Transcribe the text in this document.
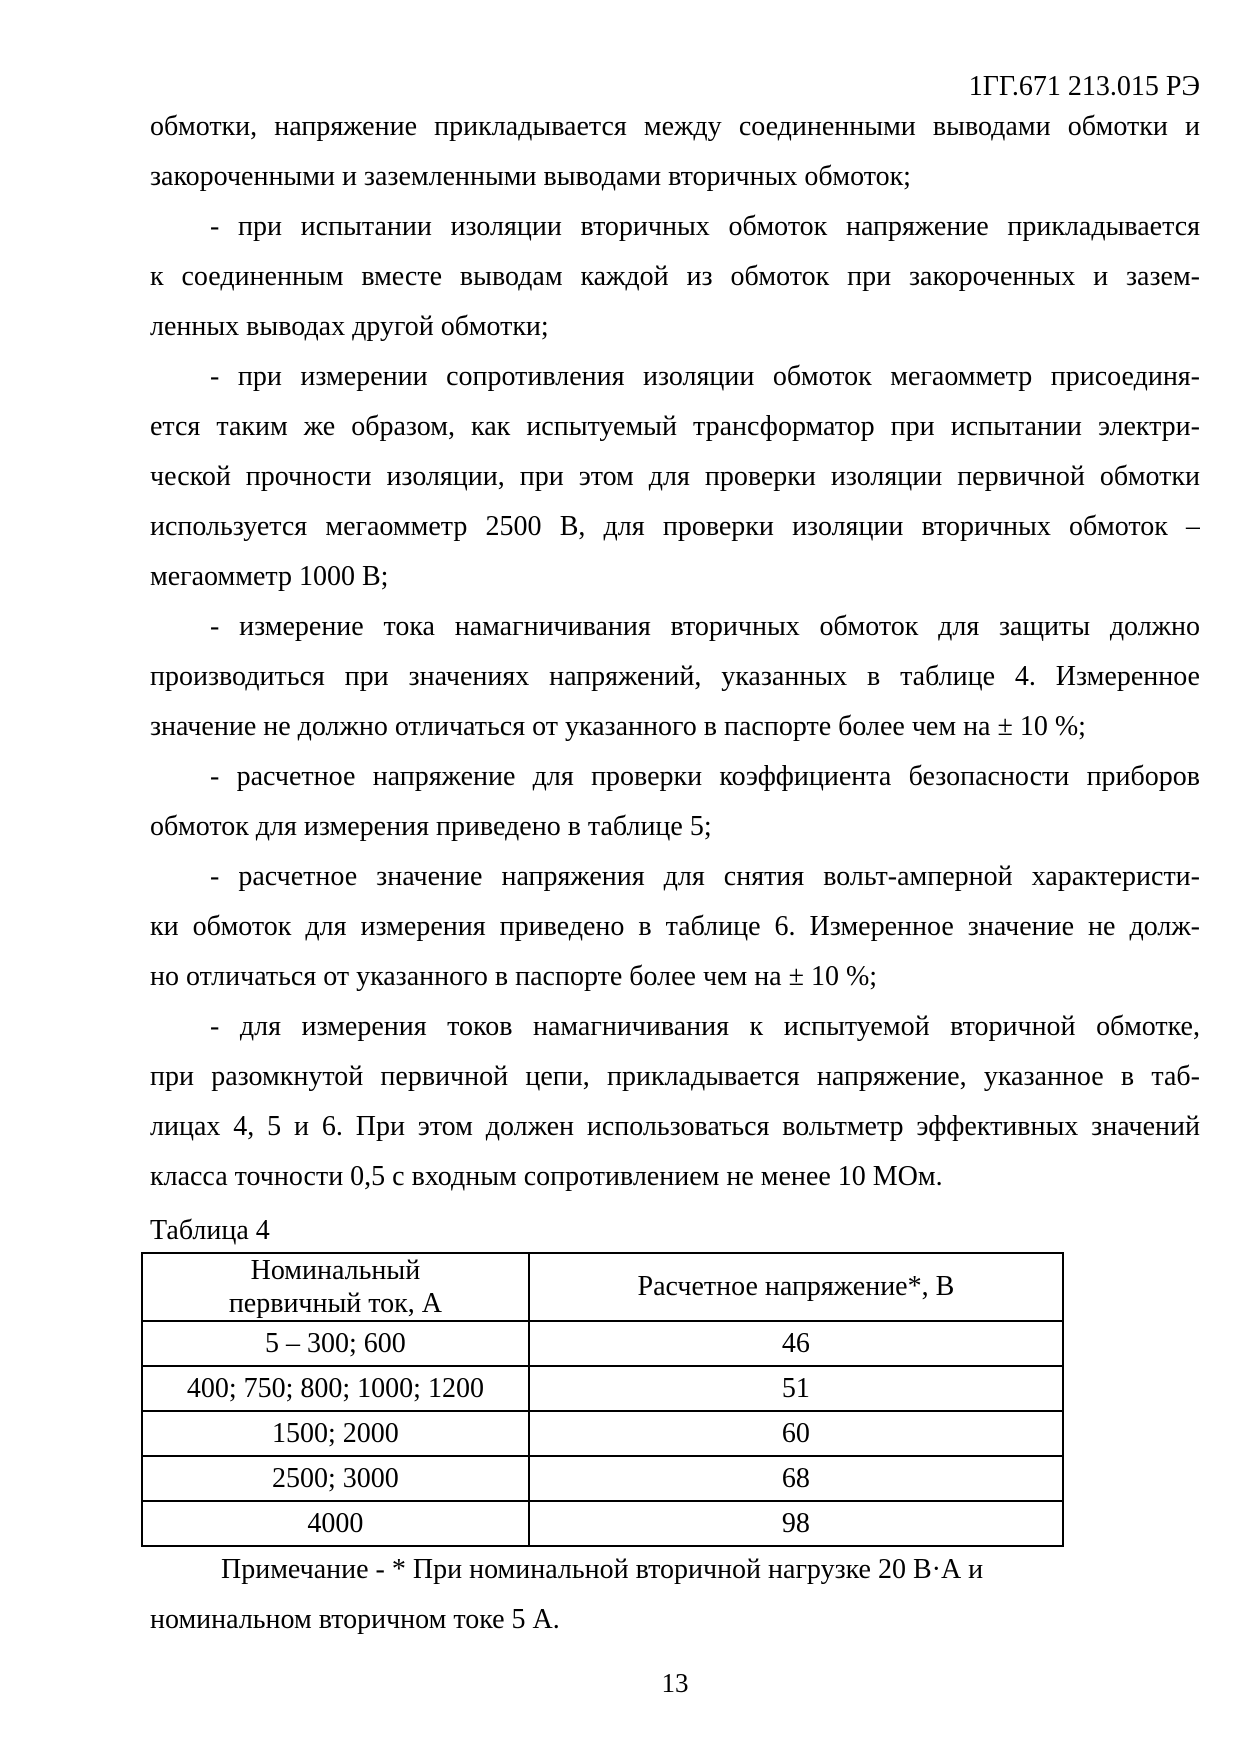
1ГГ.671 213.015 РЭ
обмотки, напряжение прикладывается между соединенными выводами обмотки и
закороченными и заземленными выводами вторичных обмоток;
- при испытании изоляции вторичных обмоток напряжение прикладывается
к соединенным вместе выводам каждой из обмоток при закороченных и зазем-
ленных выводах другой обмотки;
- при измерении сопротивления изоляции обмоток мегаомметр присоединя-
ется таким же образом, как испытуемый трансформатор при испытании электри-
ческой прочности изоляции, при этом для проверки изоляции первичной обмотки
используется мегаомметр 2500 В, для проверки изоляции вторичных обмоток –
мегаомметр 1000 В;
- измерение тока намагничивания вторичных обмоток для защиты должно
производиться при значениях напряжений, указанных в таблице 4. Измеренное
значение не должно отличаться от указанного в паспорте более чем на ± 10 %;
- расчетное напряжение для проверки коэффициента безопасности приборов
обмоток для измерения приведено в таблице 5;
- расчетное значение напряжения для снятия вольт-амперной характеристи-
ки обмоток для измерения приведено в таблице 6. Измеренное значение не долж-
но отличаться от указанного в паспорте более чем на ± 10 %;
- для измерения токов намагничивания к испытуемой вторичной обмотке,
при разомкнутой первичной цепи, прикладывается напряжение, указанное в таб-
лицах 4, 5 и 6. При этом должен использоваться вольтметр эффективных значений
класса точности 0,5 с входным сопротивлением не менее 10 МОм.
Таблица 4
Номинальный
первичный ток, А	Расчетное напряжение*, В

5 – 300; 600	46
400; 750; 800; 1000; 1200	51
1500; 2000	60
2500; 3000	68
4000	98
Примечание - * При номинальной вторичной нагрузке 20 В·А и
номинальном вторичном токе 5 А.
13
